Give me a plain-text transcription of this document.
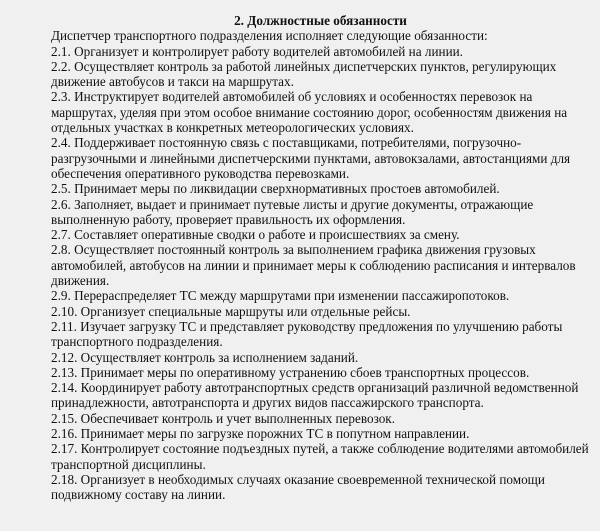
2. Должностные обязанности

Диспетчер транспортного подразделения исполняет следующие обязанности:

2.1. Организует и контролирует работу водителей автомобилей на линии.
2.2. Осуществляет контроль за работой линейных диспетчерских пунктов, регулирующих движение автобусов и такси на маршрутах.
2.3. Инструктирует водителей автомобилей об условиях и особенностях перевозок на маршрутах, уделяя при этом особое внимание состоянию дорог, особенностям движения на отдельных участках в конкретных метеорологических условиях.
2.4. Поддерживает постоянную связь с поставщиками, потребителями, погрузочно-разгрузочными и линейными диспетчерскими пунктами, автовокзалами, автостанциями для обеспечения оперативного руководства перевозками.
2.5. Принимает меры по ликвидации сверхнормативных простоев автомобилей.
2.6. Заполняет, выдает и принимает путевые листы и другие документы, отражающие выполненную работу, проверяет правильность их оформления.
2.7. Составляет оперативные сводки о работе и происшествиях за смену.
2.8. Осуществляет постоянный контроль за выполнением графика движения грузовых автомобилей, автобусов на линии и принимает меры к соблюдению расписания и интервалов движения.
2.9. Перераспределяет ТС между маршрутами при изменении пассажиропотоков.
2.10. Организует специальные маршруты или отдельные рейсы.
2.11. Изучает загрузку ТС и представляет руководству предложения по улучшению работы транспортного подразделения.
2.12. Осуществляет контроль за исполнением заданий.
2.13. Принимает меры по оперативному устранению сбоев транспортных процессов.
2.14. Координирует работу автотранспортных средств организаций различной ведомственной принадлежности, автотранспорта и других видов пассажирского транспорта.
2.15. Обеспечивает контроль и учет выполненных перевозок.
2.16. Принимает меры по загрузке порожних ТС в попутном направлении.
2.17. Контролирует состояние подъездных путей, а также соблюдение водителями автомобилей транспортной дисциплины.
2.18. Организует в необходимых случаях оказание своевременной технической помощи подвижному составу на линии.
